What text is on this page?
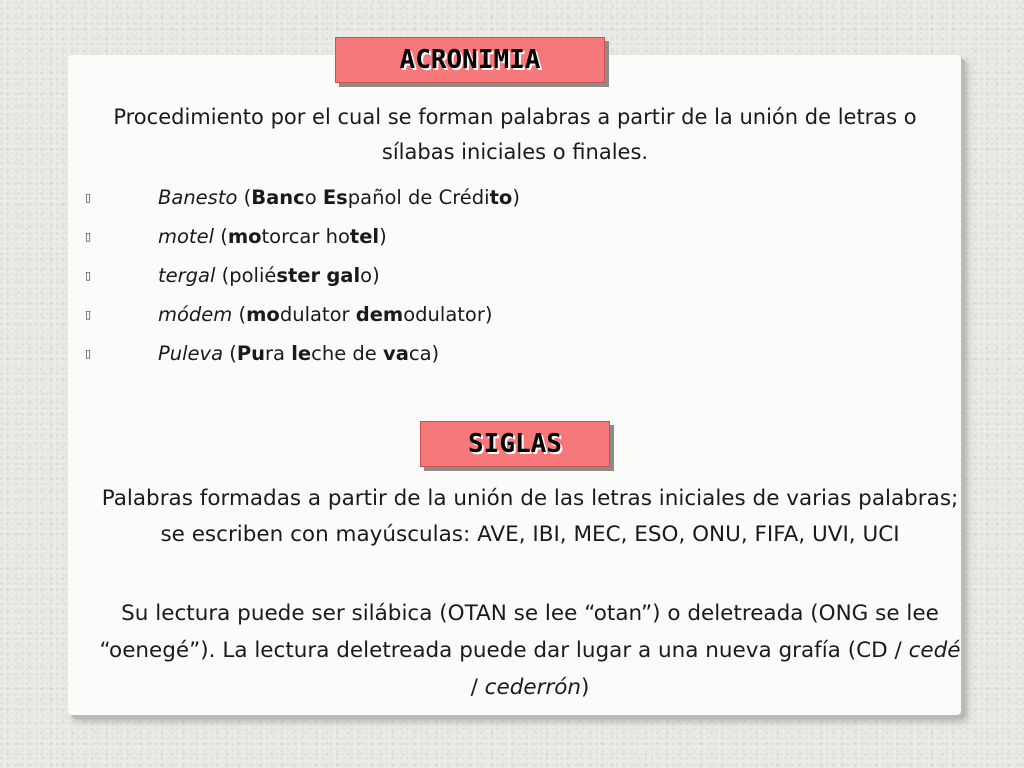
ACRONIMIA
Procedimiento por el cual se forman palabras a partir de la unión de letras o sílabas iniciales o finales.
▯	Banesto (Banco Español de Crédito)
▯	motel (motorcar hotel)
▯	tergal (poliéster galo)
▯	módem (modulator demodulator)
▯	Puleva (Pura leche de vaca)
SIGLAS
Palabras formadas a partir de la unión de las letras iniciales de varias palabras; se escriben con mayúsculas: AVE, IBI, MEC, ESO, ONU, FIFA, UVI, UCI
Su lectura puede ser silábica (OTAN se lee “otan”) o deletreada (ONG se lee “oenegé”). La lectura deletreada puede dar lugar a una nueva grafía (CD / cedé / cederrón)
